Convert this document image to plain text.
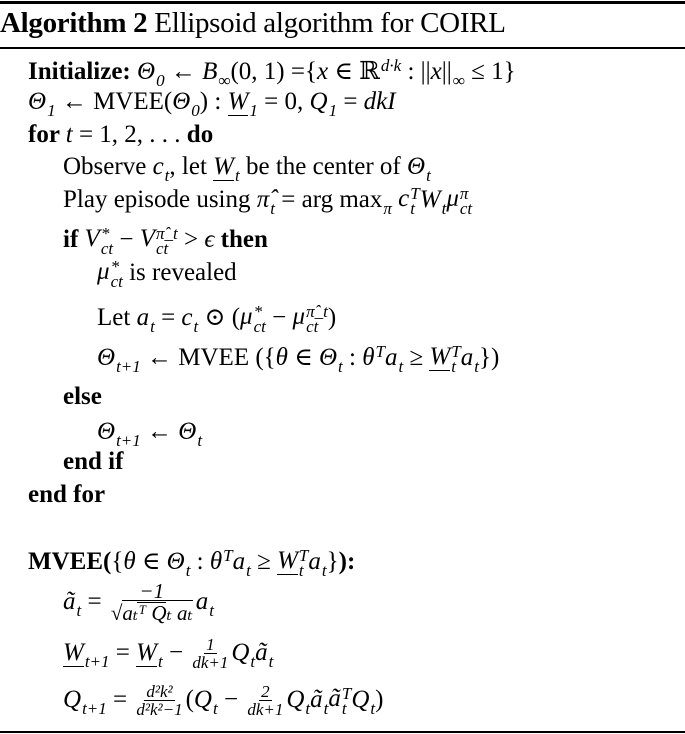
Algorithm 2 Ellipsoid algorithm for COIRL
Initialize: Θ 0 ← B ∞ (0, 1) ={ x ∈ ℝ d·k : || x || ∞ ≤ 1}
Θ 1 ← MVEE( Θ 0 ) : W 1 = 0, Q 1 = dkI
for t = 1, 2, . . . do
Observe c t , let W t be the center of Θ t
Play episode using π̂ t = arg max π c T
t W t μ π
ct
if V *
ct − V π̂_t
ct > ϵ then
μ *
ct is revealed
Let a t = c t ⊙ ( μ *
ct − μ π̂_t
ct )
Θ t+1 ← MVEE ({ θ ∈ Θ t : θ T a t ≥ W T
t a t })
else
Θ t+1 ← Θ t
end if
end for
MVEE( { θ ∈ Θ t : θ T a t ≥ W T
t a t } ):
ã t = −1
√ aₜᵀ Qₜ aₜ a t
W t+1 = W $t - \frac{1}{dk+1}$ Q t ã t
Q $t+1 = \frac{\text{d²k²}}{\text{d²k²−1}}$ ( Q $t - \frac{2}{dk+1}$ Q t ã t ã T
t Q t )
